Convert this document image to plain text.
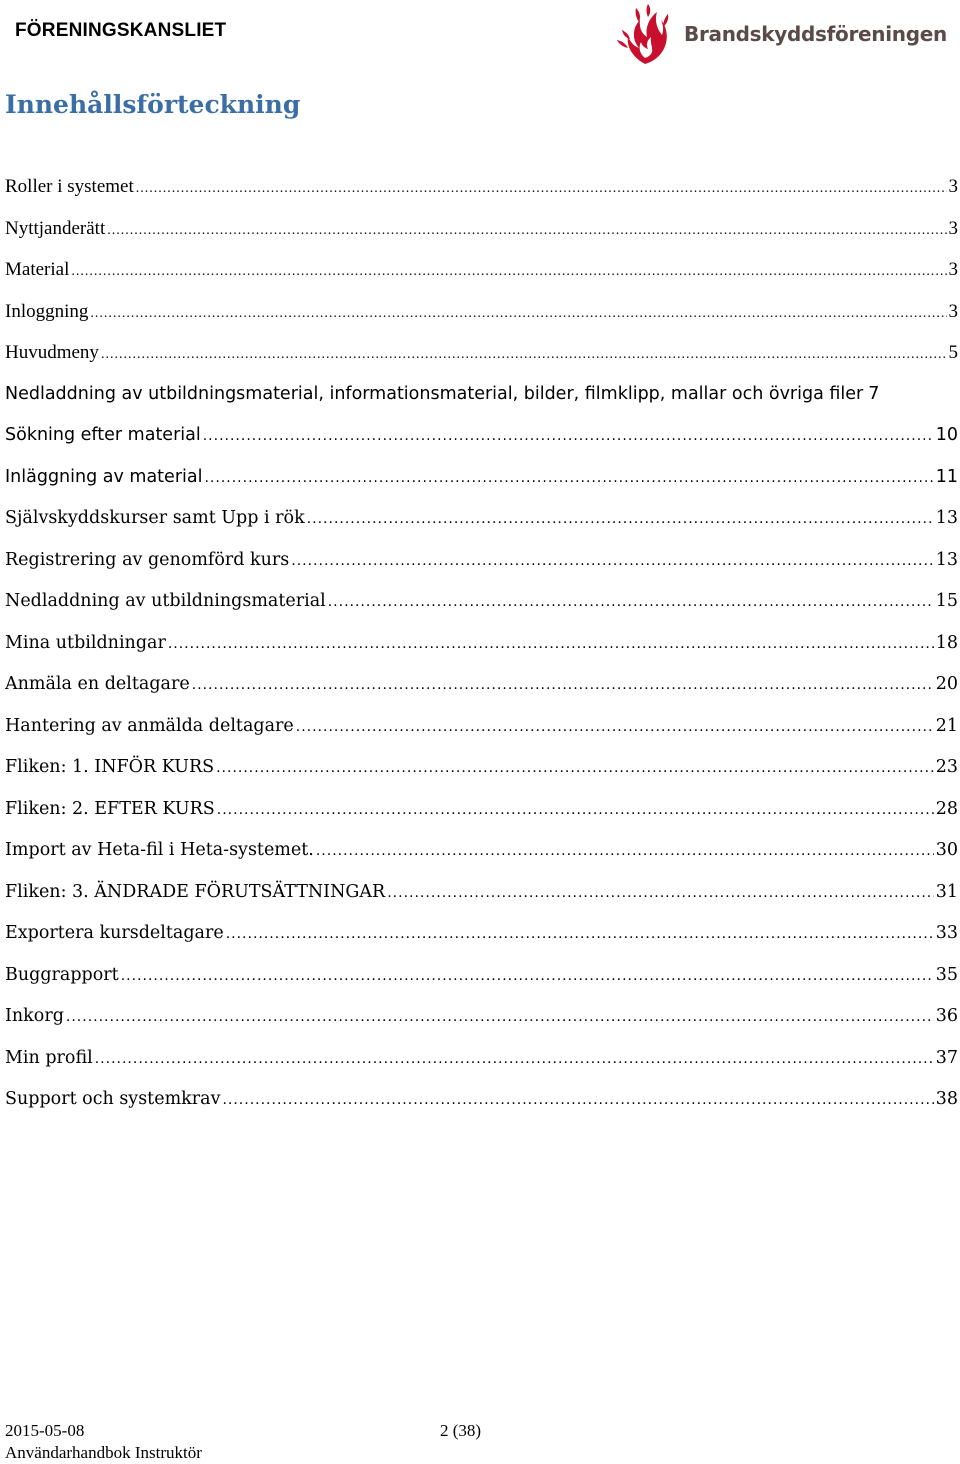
FÖRENINGSKANSLIET	Brandskyddsföreningen
Innehållsförteckning
Roller i systemet .....	3
Nyttjanderätt .....	3
Material .....	3
Inloggning .....	3
Huvudmeny .....	5
Nedladdning av utbildningsmaterial, informationsmaterial, bilder, filmklipp, mallar och övriga filer 7
Sökning efter material .....	10
Inläggning av material .....	11
Självskyddskurser samt Upp i rök .....	13
Registrering av genomförd kurs .....	13
Nedladdning av utbildningsmaterial .....	15
Mina utbildningar .....	18
Anmäla en deltagare .....	20
Hantering av anmälda deltagare .....	21
Fliken: 1. INFÖR KURS .....	23
Fliken: 2. EFTER KURS .....	28
Import av Heta-fil i Heta-systemet. .....	30
Fliken: 3. ÄNDRADE FÖRUTSÄTTNINGAR .....	31
Exportera kursdeltagare .....	33
Buggrapport .....	35
Inkorg .....	36
Min profil .....	37
Support och systemkrav .....	38
2015-05-08
Användarhandbok Instruktör
2 (38)
